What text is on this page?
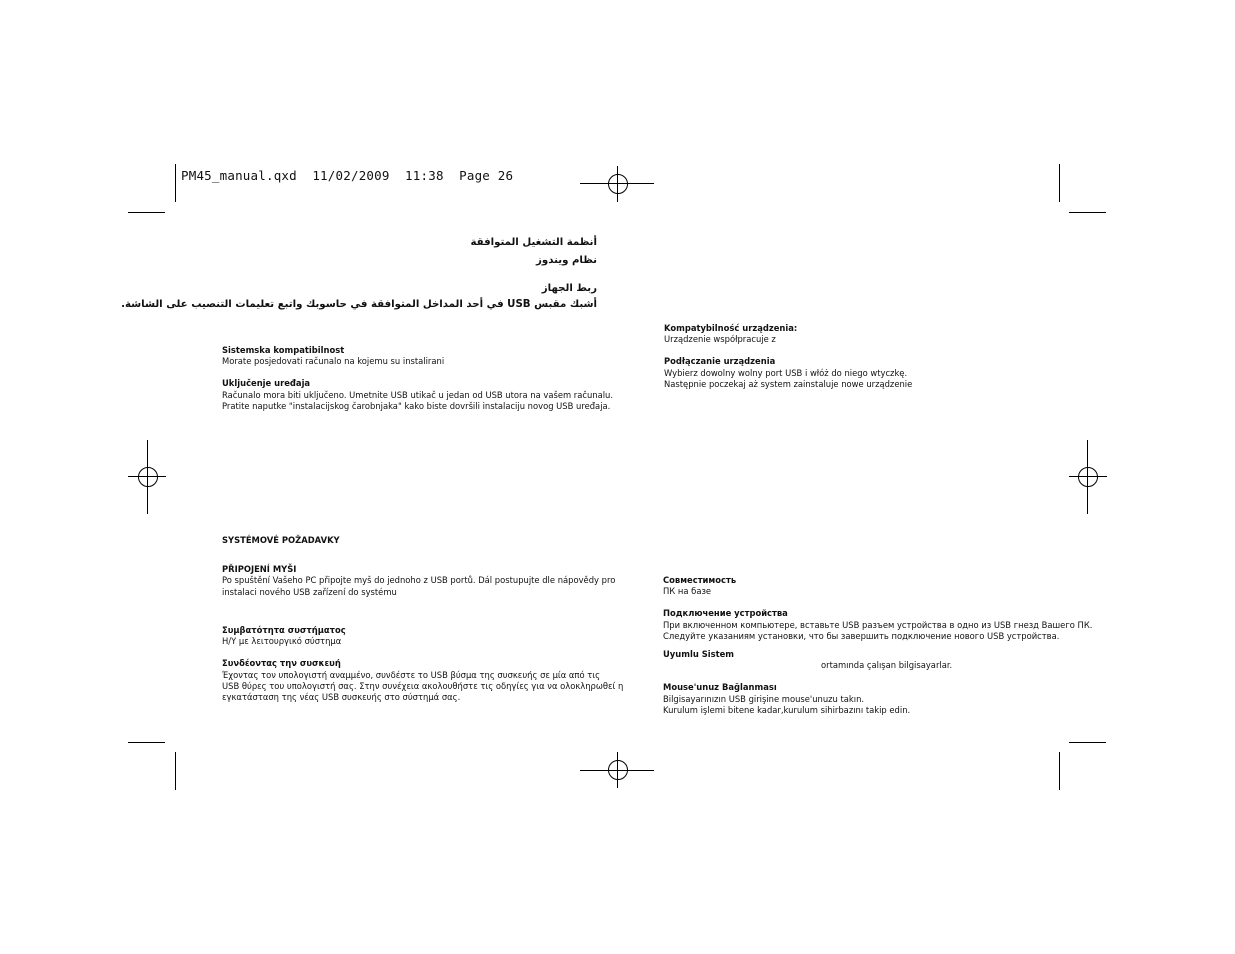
PM45_manual.qxd  11/02/2009  11:38  Page 26

أنظمة التشغيل المتوافقة

نظام ويندوز

ربط الجهاز

أشبك مقبس USB في أحد المداخل المتوافقة في حاسوبك واتبع تعليمات التنصيب على الشاشة.

Sistemska kompatibilnost

Morate posjedovati računalo na kojemu su instalirani

Uključenje uređaja

Računalo mora biti uključeno. Umetnite USB utikač u jedan od USB utora na vašem računalu.

Pratite naputke "instalacijskog čarobnjaka" kako biste dovršili instalaciju novog USB uređaja.

SYSTÉMOVÉ POŽADAVKY

PŘIPOJENÍ MYŠI

Po spuštění Vašeho PC připojte myš do jednoho z USB portů. Dál postupujte dle nápovědy pro

instalaci nového USB zařízení do systému

Συμβατότητα συστήματος

Η/Υ με λειτουργικό σύστημα

Συνδέοντας την συσκευή

Έχοντας τον υπολογιστή αναμμένο, συνδέστε το USB βύσμα της συσκευής σε μία από τις

USB θύρες του υπολογιστή σας. Στην συνέχεια ακολουθήστε τις οδηγίες για να ολοκληρωθεί η

εγκατάσταση της νέας USB συσκευής στο σύστημά σας.

Kompatybilność urządzenia:

Urządzenie współpracuje z

Podłączanie urządzenia

Wybierz dowolny wolny port USB i włóż do niego wtyczkę.

Następnie poczekaj aż system zainstaluje nowe urządzenie

Совместимость

ПК на базе

Подключение устройства

При включенном компьютере, вставьте USB разъем устройства в одно из USB гнезд Вашего ПК.

Следуйте указаниям установки, что бы завершить подключение нового USB устройства.

Uyumlu Sistem

ortamında çalışan bilgisayarlar.

Mouse'unuz Bağlanması

Bilgisayarınızın USB girişine mouse'unuzu takın.

Kurulum işlemi bitene kadar,kurulum sihirbazını takip edin.
